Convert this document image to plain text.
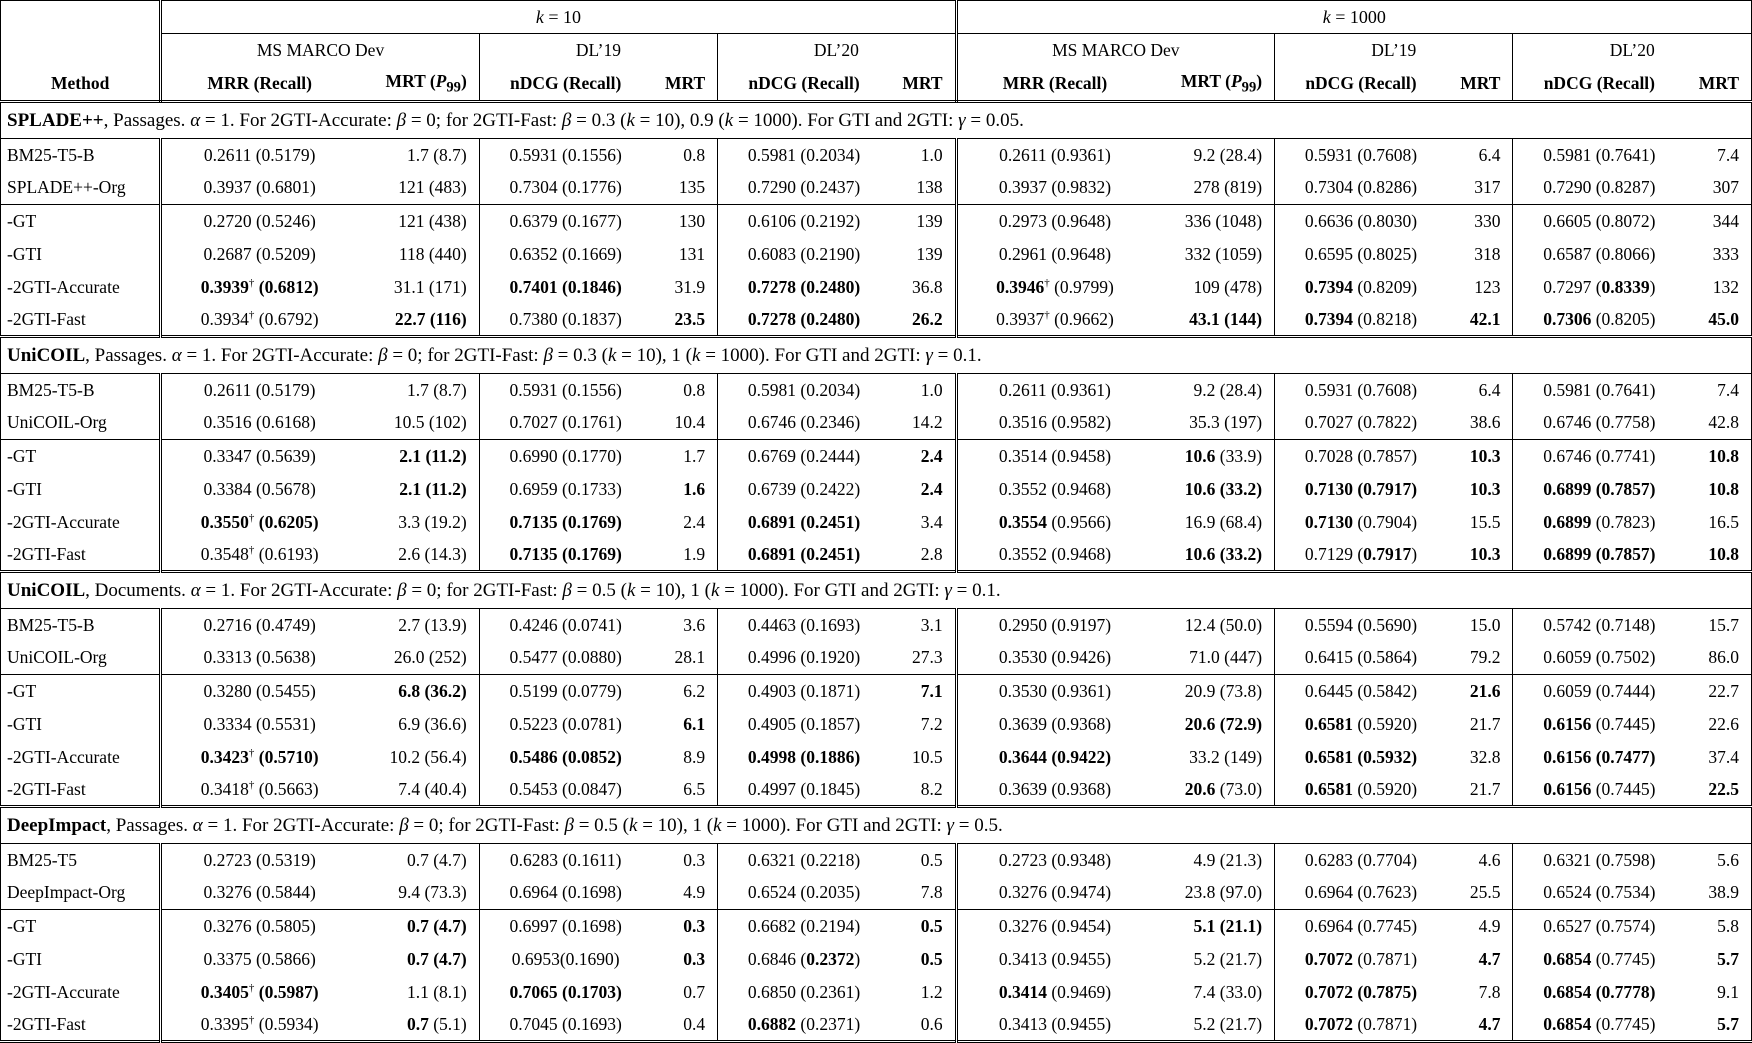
	k = 10						k = 1000					
	MS MARCO Dev		DL’19		DL’20		MS MARCO Dev		DL’19		DL’20	
Method	MRR (Recall)	MRT $(P_{99})$	nDCG (Recall)	MRT	nDCG (Recall)	MRT	MRR (Recall)	MRT $(P_{99})$	nDCG (Recall)	MRT	nDCG (Recall)	MRT
SPLADE++, Passages. α = 1. For 2GTI-Accurate: β = 0; for 2GTI-Fast: β = 0.3 (k = 10), 0.9 (k = 1000). For GTI and 2GTI: γ = 0.05.												
BM25-T5-B	0.2611 (0.5179)	1.7 (8.7)	0.5931 (0.1556)	0.8	0.5981 (0.2034)	1.0	0.2611 (0.9361)	9.2 (28.4)	0.5931 (0.7608)	6.4	0.5981 (0.7641)	7.4
SPLADE++-Org	0.3937 (0.6801)	121 (483)	0.7304 (0.1776)	135	0.7290 (0.2437)	138	0.3937 (0.9832)	278 (819)	0.7304 (0.8286)	317	0.7290 (0.8287)	307
-GT	0.2720 (0.5246)	121 (438)	0.6379 (0.1677)	130	0.6106 (0.2192)	139	0.2973 (0.9648)	336 (1048)	0.6636 (0.8030)	330	0.6605 (0.8072)	344
-GTI	0.2687 (0.5209)	118 (440)	0.6352 (0.1669)	131	0.6083 (0.2190)	139	0.2961 (0.9648)	332 (1059)	0.6595 (0.8025)	318	0.6587 (0.8066)	333
-2GTI-Accurate	0.3939† (0.6812)	31.1 (171)	0.7401 (0.1846)	31.9	0.7278 (0.2480)	36.8	0.3946† (0.9799)	109 (478)	0.7394 (0.8209)	123	0.7297 (0.8339)	132
-2GTI-Fast	0.3934† (0.6792)	22.7 (116)	0.7380 (0.1837)	23.5	0.7278 (0.2480)	26.2	0.3937† (0.9662)	43.1 (144)	0.7394 (0.8218)	42.1	0.7306 (0.8205)	45.0
UniCOIL, Passages. α = 1. For 2GTI-Accurate: β = 0; for 2GTI-Fast: β = 0.3 (k = 10), 1 (k = 1000). For GTI and 2GTI: γ = 0.1.												
BM25-T5-B	0.2611 (0.5179)	1.7 (8.7)	0.5931 (0.1556)	0.8	0.5981 (0.2034)	1.0	0.2611 (0.9361)	9.2 (28.4)	0.5931 (0.7608)	6.4	0.5981 (0.7641)	7.4
UniCOIL-Org	0.3516 (0.6168)	10.5 (102)	0.7027 (0.1761)	10.4	0.6746 (0.2346)	14.2	0.3516 (0.9582)	35.3 (197)	0.7027 (0.7822)	38.6	0.6746 (0.7758)	42.8
-GT	0.3347 (0.5639)	2.1 (11.2)	0.6990 (0.1770)	1.7	0.6769 (0.2444)	2.4	0.3514 (0.9458)	10.6 (33.9)	0.7028 (0.7857)	10.3	0.6746 (0.7741)	10.8
-GTI	0.3384 (0.5678)	2.1 (11.2)	0.6959 (0.1733)	1.6	0.6739 (0.2422)	2.4	0.3552 (0.9468)	10.6 (33.2)	0.7130 (0.7917)	10.3	0.6899 (0.7857)	10.8
-2GTI-Accurate	0.3550† (0.6205)	3.3 (19.2)	0.7135 (0.1769)	2.4	0.6891 (0.2451)	3.4	0.3554 (0.9566)	16.9 (68.4)	0.7130 (0.7904)	15.5	0.6899 (0.7823)	16.5
-2GTI-Fast	0.3548† (0.6193)	2.6 (14.3)	0.7135 (0.1769)	1.9	0.6891 (0.2451)	2.8	0.3552 (0.9468)	10.6 (33.2)	0.7129 (0.7917)	10.3	0.6899 (0.7857)	10.8
UniCOIL, Documents. α = 1. For 2GTI-Accurate: β = 0; for 2GTI-Fast: β = 0.5 (k = 10), 1 (k = 1000). For GTI and 2GTI: γ = 0.1.												
BM25-T5-B	0.2716 (0.4749)	2.7 (13.9)	0.4246 (0.0741)	3.6	0.4463 (0.1693)	3.1	0.2950 (0.9197)	12.4 (50.0)	0.5594 (0.5690)	15.0	0.5742 (0.7148)	15.7
UniCOIL-Org	0.3313 (0.5638)	26.0 (252)	0.5477 (0.0880)	28.1	0.4996 (0.1920)	27.3	0.3530 (0.9426)	71.0 (447)	0.6415 (0.5864)	79.2	0.6059 (0.7502)	86.0
-GT	0.3280 (0.5455)	6.8 (36.2)	0.5199 (0.0779)	6.2	0.4903 (0.1871)	7.1	0.3530 (0.9361)	20.9 (73.8)	0.6445 (0.5842)	21.6	0.6059 (0.7444)	22.7
-GTI	0.3334 (0.5531)	6.9 (36.6)	0.5223 (0.0781)	6.1	0.4905 (0.1857)	7.2	0.3639 (0.9368)	20.6 (72.9)	0.6581 (0.5920)	21.7	0.6156 (0.7445)	22.6
-2GTI-Accurate	0.3423† (0.5710)	10.2 (56.4)	0.5486 (0.0852)	8.9	0.4998 (0.1886)	10.5	0.3644 (0.9422)	33.2 (149)	0.6581 (0.5932)	32.8	0.6156 (0.7477)	37.4
-2GTI-Fast	0.3418† (0.5663)	7.4 (40.4)	0.5453 (0.0847)	6.5	0.4997 (0.1845)	8.2	0.3639 (0.9368)	20.6 (73.0)	0.6581 (0.5920)	21.7	0.6156 (0.7445)	22.5
DeepImpact, Passages. α = 1. For 2GTI-Accurate: β = 0; for 2GTI-Fast: β = 0.5 (k = 10), 1 (k = 1000). For GTI and 2GTI: γ = 0.5.												
BM25-T5	0.2723 (0.5319)	0.7 (4.7)	0.6283 (0.1611)	0.3	0.6321 (0.2218)	0.5	0.2723 (0.9348)	4.9 (21.3)	0.6283 (0.7704)	4.6	0.6321 (0.7598)	5.6
DeepImpact-Org	0.3276 (0.5844)	9.4 (73.3)	0.6964 (0.1698)	4.9	0.6524 (0.2035)	7.8	0.3276 (0.9474)	23.8 (97.0)	0.6964 (0.7623)	25.5	0.6524 (0.7534)	38.9
-GT	0.3276 (0.5805)	0.7 (4.7)	0.6997 (0.1698)	0.3	0.6682 (0.2194)	0.5	0.3276 (0.9454)	5.1 (21.1)	0.6964 (0.7745)	4.9	0.6527 (0.7574)	5.8
-GTI	0.3375 (0.5866)	0.7 (4.7)	0.6953(0.1690)	0.3	0.6846 (0.2372)	0.5	0.3413 (0.9455)	5.2 (21.7)	0.7072 (0.7871)	4.7	0.6854 (0.7745)	5.7
-2GTI-Accurate	0.3405† (0.5987)	1.1 (8.1)	0.7065 (0.1703)	0.7	0.6850 (0.2361)	1.2	0.3414 (0.9469)	7.4 (33.0)	0.7072 (0.7875)	7.8	0.6854 (0.7778)	9.1
-2GTI-Fast	0.3395† (0.5934)	0.7 (5.1)	0.7045 (0.1693)	0.4	0.6882 (0.2371)	0.6	0.3413 (0.9455)	5.2 (21.7)	0.7072 (0.7871)	4.7	0.6854 (0.7745)	5.7
